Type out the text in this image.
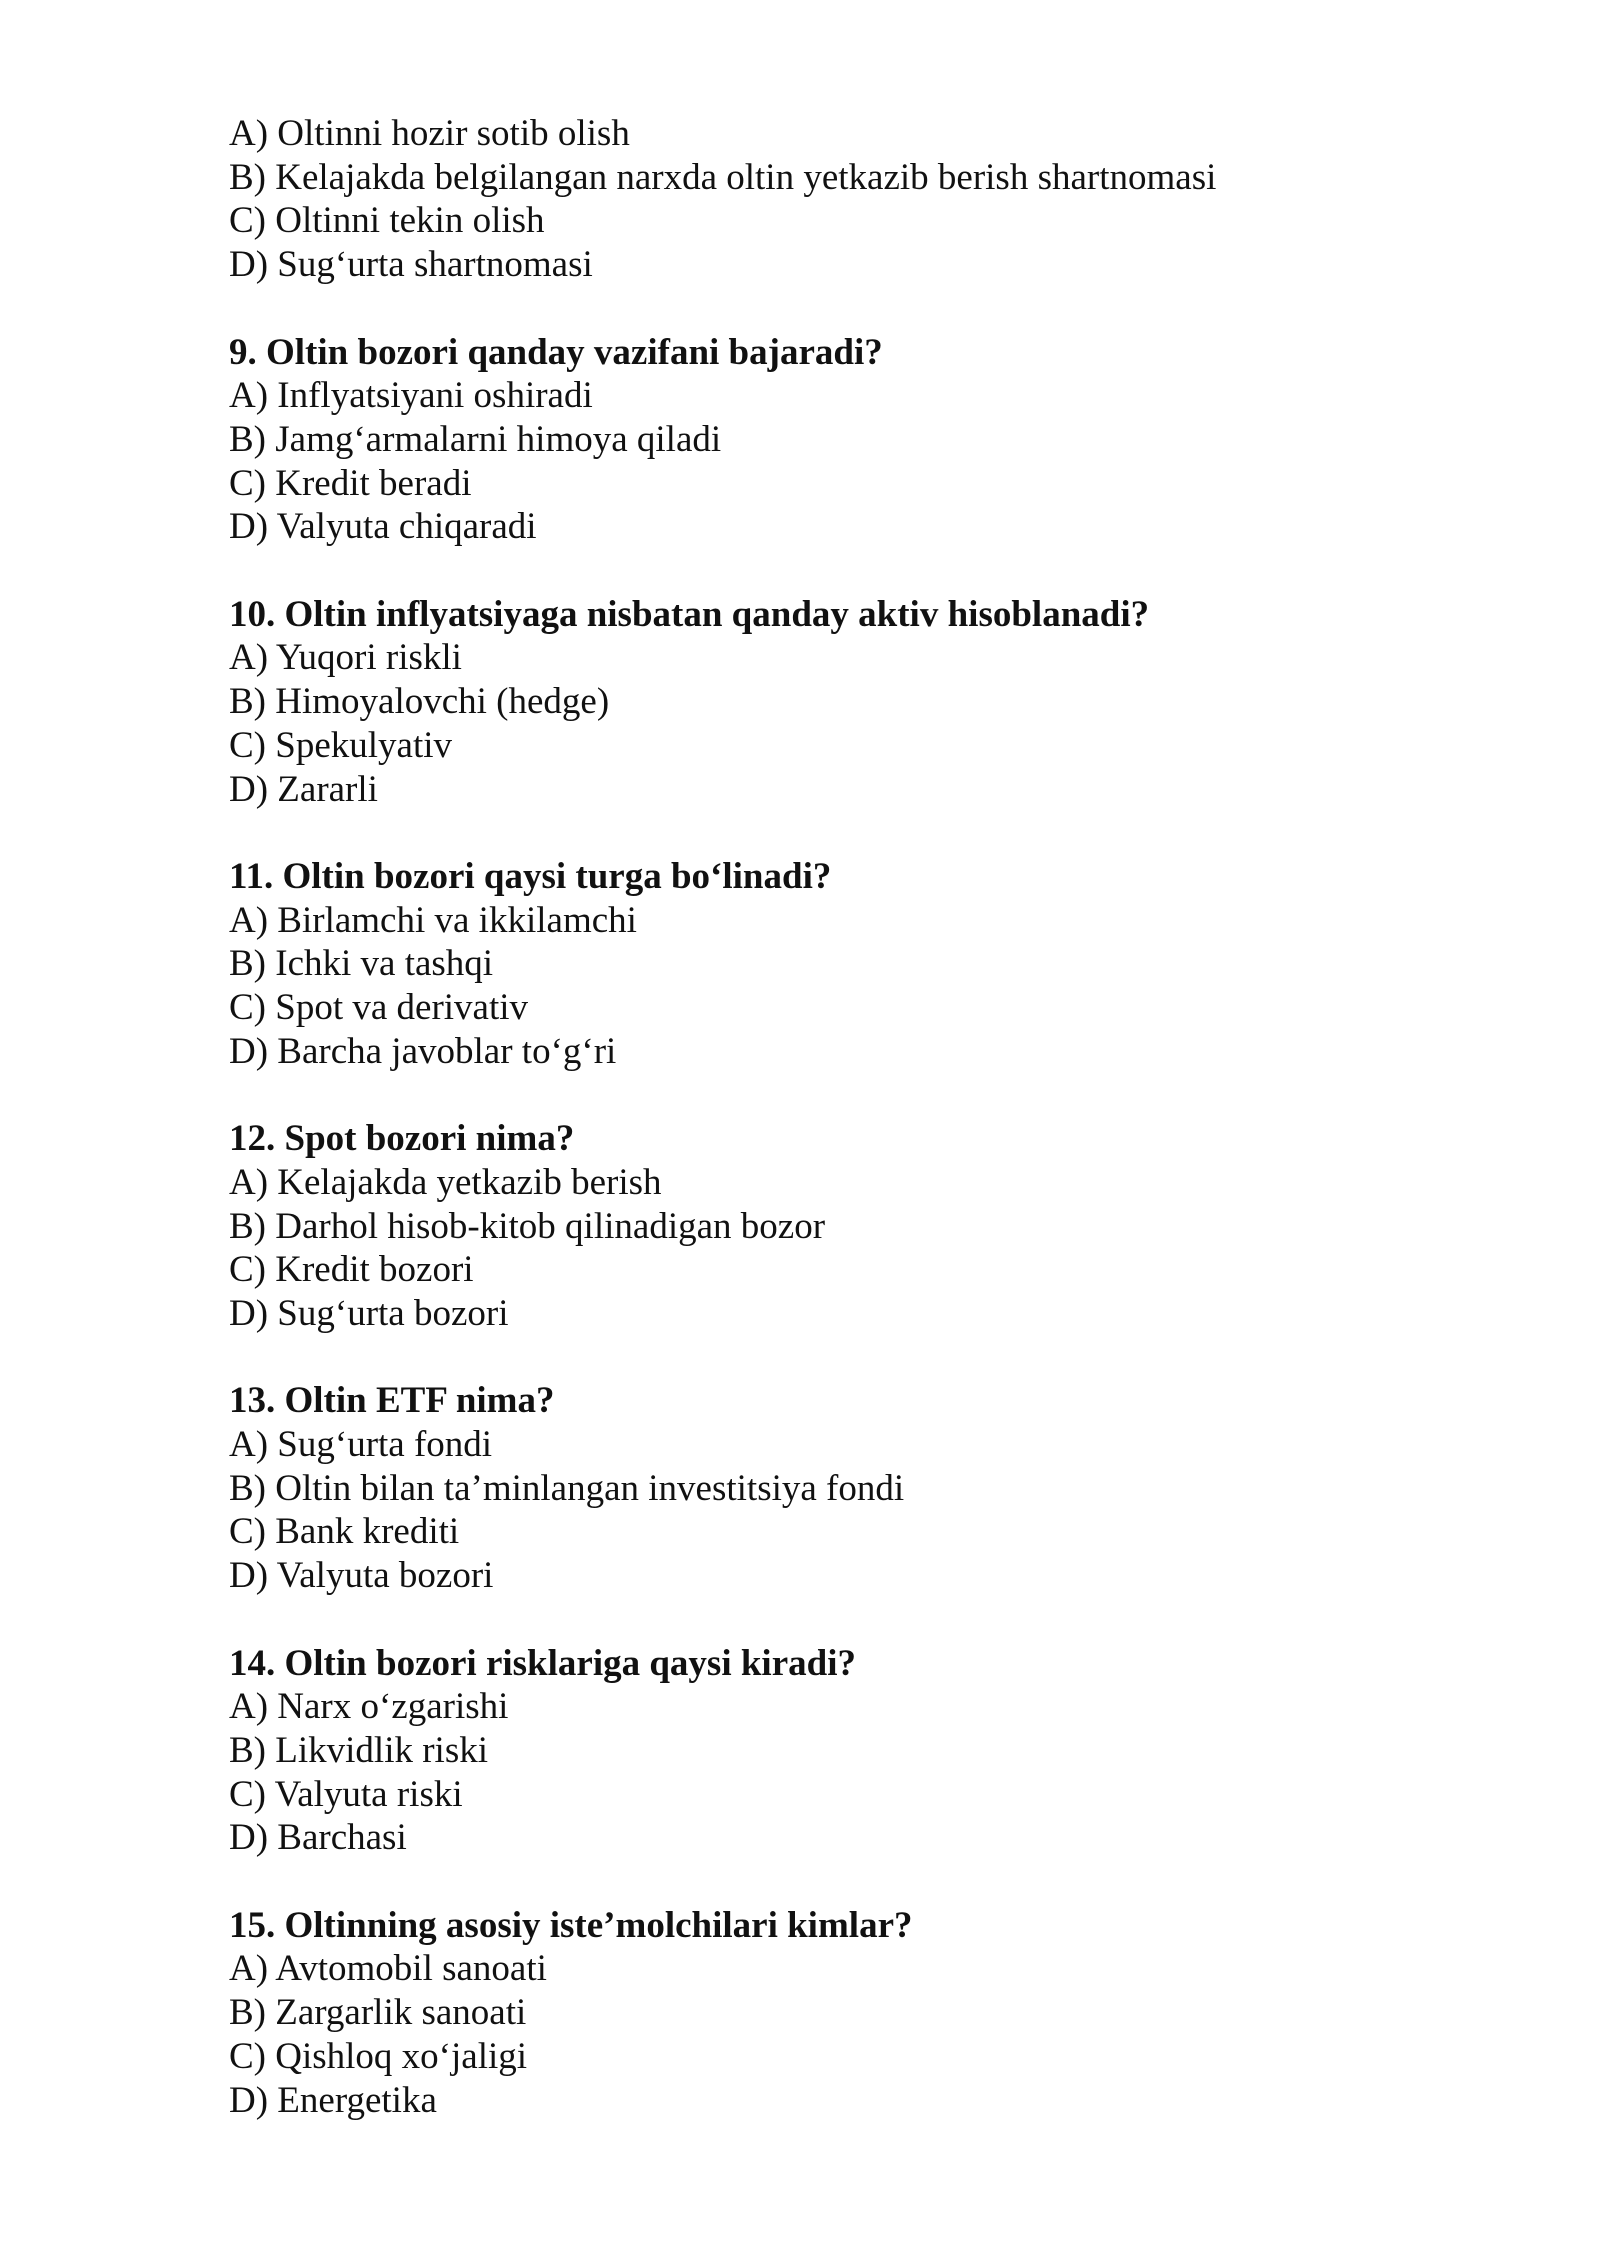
A) Oltinni hozir sotib olish
B) Kelajakda belgilangan narxda oltin yetkazib berish shartnomasi
C) Oltinni tekin olish
D) Sug‘urta shartnomasi
9. Oltin bozori qanday vazifani bajaradi?
A) Inflyatsiyani oshiradi
B) Jamg‘armalarni himoya qiladi
C) Kredit beradi
D) Valyuta chiqaradi
10. Oltin inflyatsiyaga nisbatan qanday aktiv hisoblanadi?
A) Yuqori riskli
B) Himoyalovchi (hedge)
C) Spekulyativ
D) Zararli
11. Oltin bozori qaysi turga bo‘linadi?
A) Birlamchi va ikkilamchi
B) Ichki va tashqi
C) Spot va derivativ
D) Barcha javoblar to‘g‘ri
12. Spot bozori nima?
A) Kelajakda yetkazib berish
B) Darhol hisob-kitob qilinadigan bozor
C) Kredit bozori
D) Sug‘urta bozori
13. Oltin ETF nima?
A) Sug‘urta fondi
B) Oltin bilan ta’minlangan investitsiya fondi
C) Bank krediti
D) Valyuta bozori
14. Oltin bozori risklariga qaysi kiradi?
A) Narx o‘zgarishi
B) Likvidlik riski
C) Valyuta riski
D) Barchasi
15. Oltinning asosiy iste’molchilari kimlar?
A) Avtomobil sanoati
B) Zargarlik sanoati
C) Qishloq xo‘jaligi
D) Energetika
